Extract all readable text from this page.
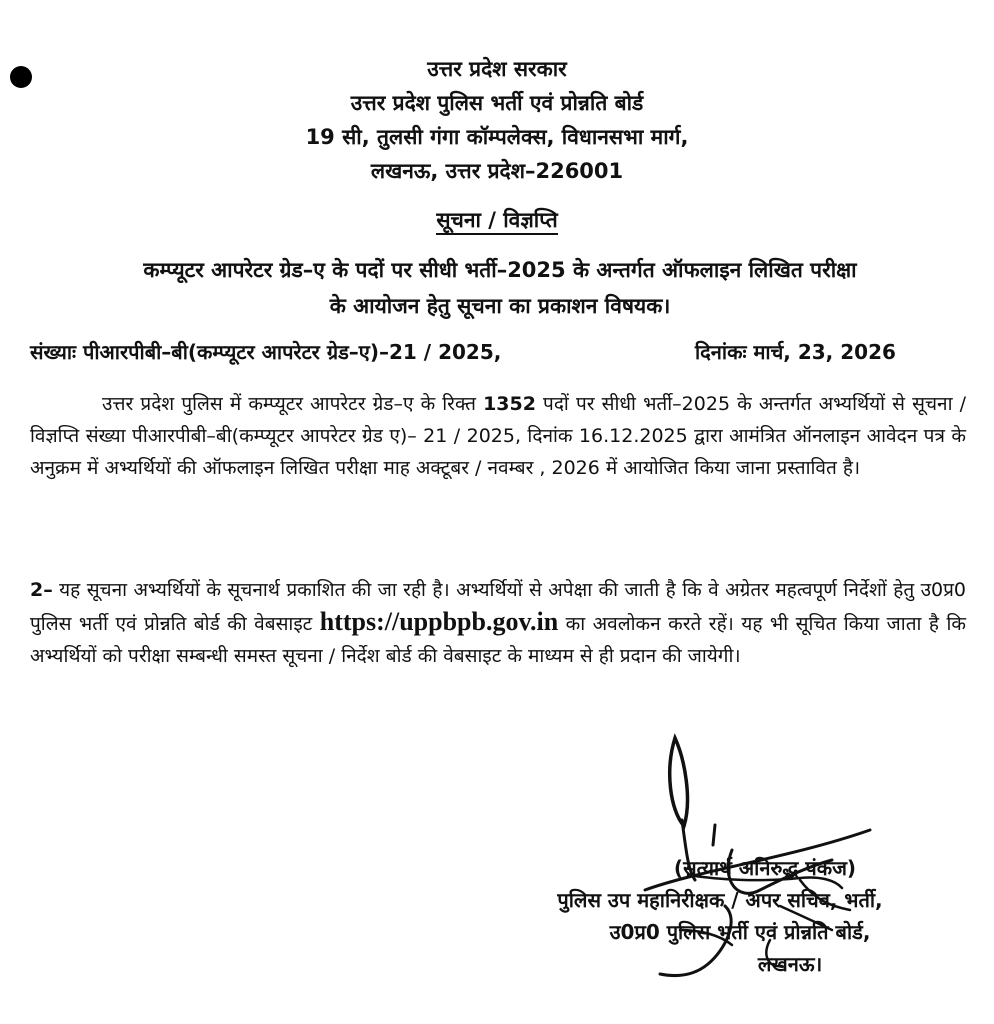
उत्तर प्रदेश सरकार
उत्तर प्रदेश पुलिस भर्ती एवं प्रोन्नति बोर्ड
19 सी, तुलसी गंगा कॉम्पलेक्स, विधानसभा मार्ग,
लखनऊ, उत्तर प्रदेश–226001
सूचना / विज्ञप्ति
कम्प्यूटर आपरेटर ग्रेड–ए के पदों पर सीधी भर्ती–2025 के अन्तर्गत ऑफलाइन लिखित परीक्षा
के आयोजन हेतु सूचना का प्रकाशन विषयक।
संख्याः पीआरपीबी–बी(कम्प्यूटर आपरेटर ग्रेड–ए)–21 / 2025,	दिनांकः मार्च, 23, 2026
उत्तर प्रदेश पुलिस में कम्प्यूटर आपरेटर ग्रेड–ए के रिक्त 1352 पदों पर सीधी भर्ती–2025 के अन्तर्गत अभ्यर्थियों से सूचना / विज्ञप्ति संख्या पीआरपीबी–बी(कम्प्यूटर आपरेटर ग्रेड ए)– 21 / 2025, दिनांक 16.12.2025 द्वारा आमंत्रित ऑनलाइन आवेदन पत्र के अनुक्रम में अभ्यर्थियों की ऑफलाइन लिखित परीक्षा माह अक्टूबर / नवम्बर , 2026 में आयोजित किया जाना प्रस्तावित है।
2– यह सूचना अभ्यर्थियों के सूचनार्थ प्रकाशित की जा रही है। अभ्यर्थियों से अपेक्षा की जाती है कि वे अग्रेतर महत्वपूर्ण निर्देशों हेतु उ0प्र0 पुलिस भर्ती एवं प्रोन्नति बोर्ड की वेबसाइट https://uppbpb.gov.in का अवलोकन करते रहें। यह भी सूचित किया जाता है कि अभ्यर्थियों को परीक्षा सम्बन्धी समस्त सूचना / निर्देश बोर्ड की वेबसाइट के माध्यम से ही प्रदान की जायेगी।
(सत्यार्थ अनिरुद्ध पंकज)
पुलिस उप महानिरीक्षक / अपर सचिव, भर्ती,
उ0प्र0 पुलिस भर्ती एवं प्रोन्नति बोर्ड,
लखनऊ।
